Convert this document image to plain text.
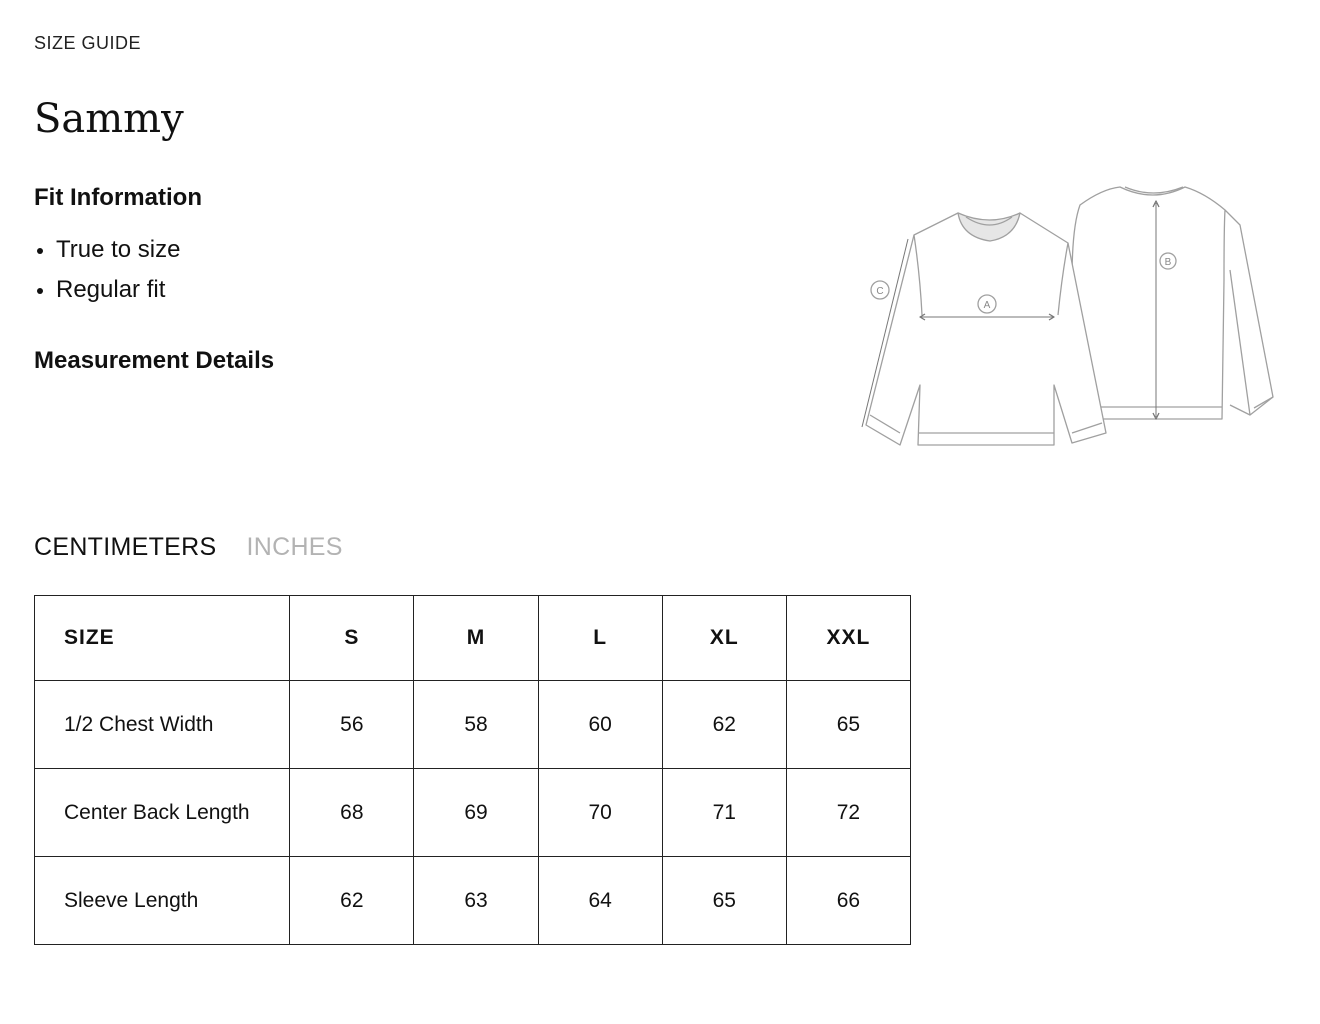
SIZE GUIDE
Sammy
Fit Information
True to size
Regular fit
Measurement Details
A
B
C
CENTIMETERS INCHES
SIZE	S	M	L	XL	XXL
1/2 Chest Width	56	58	60	62	65
Center Back Length	68	69	70	71	72
Sleeve Length	62	63	64	65	66
